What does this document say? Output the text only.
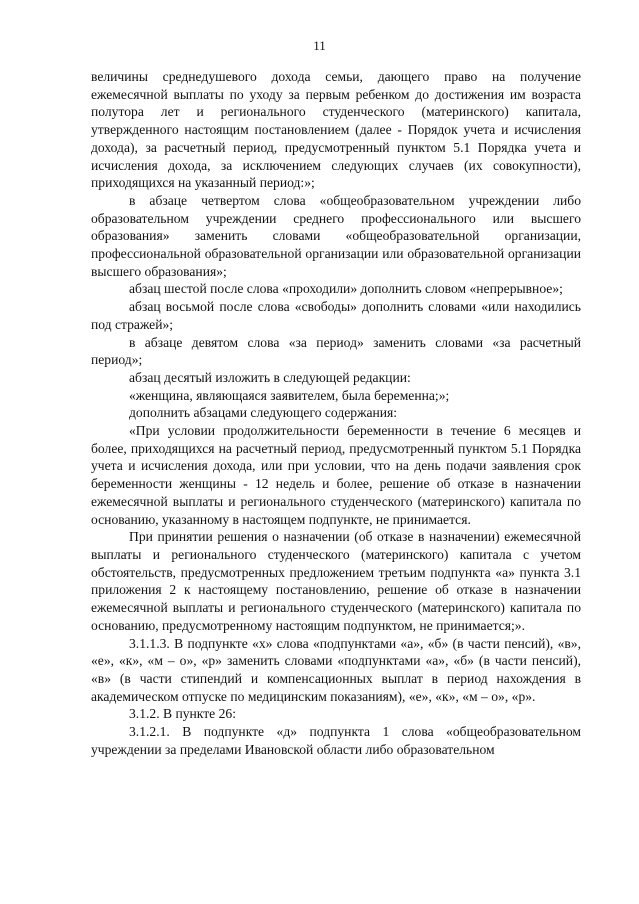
11

величины среднедушевого дохода семьи, дающего право на получение ежемесячной выплаты по уходу за первым ребенком до достижения им возраста полутора лет и регионального студенческого (материнского) капитала, утвержденного настоящим постановлением (далее - Порядок учета и исчисления дохода), за расчетный период, предусмотренный пунктом 5.1 Порядка учета и исчисления дохода, за исключением следующих случаев (их совокупности), приходящихся на указанный период:»;

в абзаце четвертом слова «общеобразовательном учреждении либо образовательном учреждении среднего профессионального или высшего образования» заменить словами «общеобразовательной организации, профессиональной образовательной организации или образовательной организации высшего образования»;

абзац шестой после слова «проходили» дополнить словом «непрерывное»;

абзац восьмой после слова «свободы» дополнить словами «или находились под стражей»;

в абзаце девятом слова «за период» заменить словами «за расчетный период»;

абзац десятый изложить в следующей редакции:

«женщина, являющаяся заявителем, была беременна;»;

дополнить абзацами следующего содержания:

«При условии продолжительности беременности в течение 6 месяцев и более, приходящихся на расчетный период, предусмотренный пунктом 5.1 Порядка учета и исчисления дохода, или при условии, что на день подачи заявления срок беременности женщины - 12 недель и более, решение об отказе в назначении ежемесячной выплаты и регионального студенческого (материнского) капитала по основанию, указанному в настоящем подпункте, не принимается.

При принятии решения о назначении (об отказе в назначении) ежемесячной выплаты и регионального студенческого (материнского) капитала с учетом обстоятельств, предусмотренных предложением третьим подпункта «а» пункта 3.1 приложения 2 к настоящему постановлению, решение об отказе в назначении ежемесячной выплаты и регионального студенческого (материнского) капитала по основанию, предусмотренному настоящим подпунктом, не принимается;».

3.1.1.3. В подпункте «х» слова «подпунктами «а», «б» (в части пенсий), «в», «е», «к», «м – о», «р» заменить словами «подпунктами «а», «б» (в части пенсий), «в» (в части стипендий и компенсационных выплат в период нахождения в академическом отпуске по медицинским показаниям), «е», «к», «м – о», «р».

3.1.2. В пункте 26:

3.1.2.1. В подпункте «д» подпункта 1 слова «общеобразовательном учреждении за пределами Ивановской области либо образовательном
